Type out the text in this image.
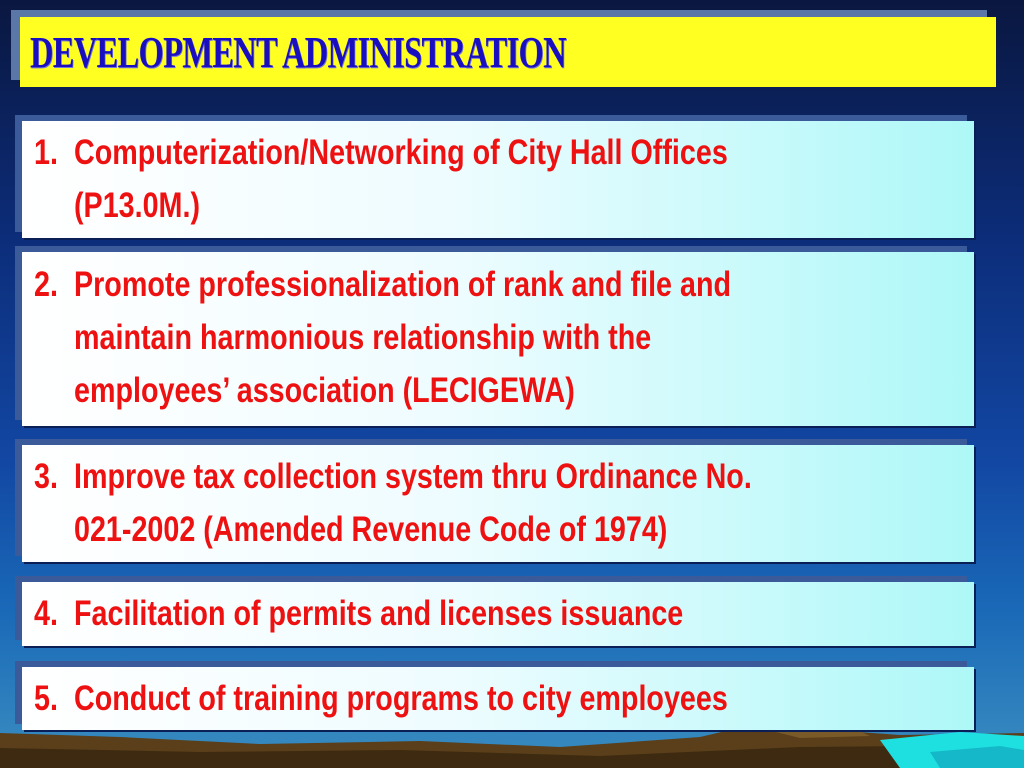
DEVELOPMENT ADMINISTRATION
1. Computerization/Networking of City Hall Offices
(P13.0M.)
2. Promote professionalization of rank and file and
maintain harmonious relationship with the
employees’ association (LECIGEWA)
3. Improve tax collection system thru Ordinance No.
021-2002 (Amended Revenue Code of 1974)
4. Facilitation of permits and licenses issuance
5. Conduct of training programs to city employees
